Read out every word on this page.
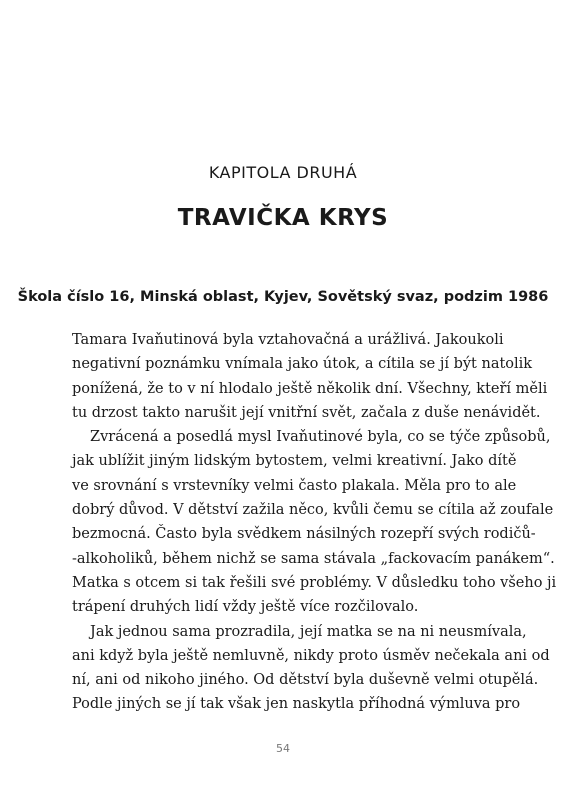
KAPITOLA DRUHÁ
TRAVIČKA KRYS
Škola číslo 16, Minská oblast, Kyjev, Sovětský svaz, podzim 1986
Tamara Ivaňutinová byla vztahovačná a urážlivá. Jakoukoli
negativní poznámku vnímala jako útok, a cítila se jí být natolik
ponížená, že to v ní hlodalo ještě několik dní. Všechny, kteří měli
tu drzost takto narušit její vnitřní svět, začala z duše nenávidět.
Zvrácená a posedlá mysl Ivaňutinové byla, co se týče způsobů,
jak ublížit jiným lidským bytostem, velmi kreativní. Jako dítě
ve srovnání s vrstevníky velmi často plakala. Měla pro to ale
dobrý důvod. V dětství zažila něco, kvůli čemu se cítila až zoufale
bezmocná. Často byla svědkem násilných rozepří svých rodičů-
-alkoholiků, během nichž se sama stávala „fackovacím panákem“.
Matka s otcem si tak řešili své problémy. V důsledku toho všeho ji
trápení druhých lidí vždy ještě více rozčilovalo.
Jak jednou sama prozradila, její matka se na ni neusmívala,
ani když byla ještě nemluvně, nikdy proto úsměv nečekala ani od
ní, ani od nikoho jiného. Od dětství byla duševně velmi otupělá.
Podle jiných se jí tak však jen naskytla příhodná výmluva pro
54
